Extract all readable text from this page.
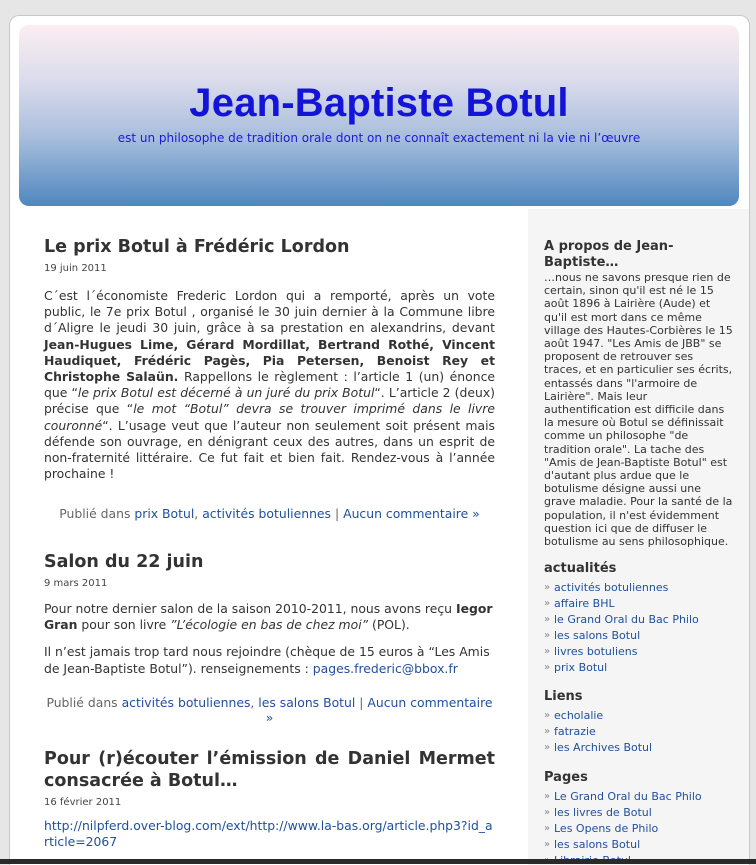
Jean-Baptiste Botul
est un philosophe de tradition orale dont on ne connaît exactement ni la vie ni l’œuvre
Le prix Botul à Frédéric Lordon
19 juin 2011

C´est l´économiste Frederic Lordon qui a remporté, après un vote public, le 7e prix Botul , organisé le 30 juin dernier à la Commune libre d´Aligre le jeudi 30 juin, grâce à sa prestation en alexandrins, devant Jean-Hugues Lime, Gérard Mordillat, Bertrand Rothé, Vincent Haudiquet, Frédéric Pagès, Pia Petersen, Benoist Rey et Christophe Salaün. Rappellons le règlement : l’article 1 (un) énonce que “le prix Botul est décerné à un juré du prix Botul“. L’article 2 (deux) précise que “le mot “Botul” devra se trouver imprimé dans le livre couronné“. L’usage veut que l’auteur non seulement soit présent mais défende son ouvrage, en dénigrant ceux des autres, dans un esprit de non-fraternité littéraire. Ce fut fait et bien fait. Rendez-vous à l’année prochaine !

Publié dans prix Botul, activités botuliennes | Aucun commentaire »
Salon du 22 juin
9 mars 2011

Pour notre dernier salon de la saison 2010-2011, nous avons reçu Iegor Gran pour son livre ”L’écologie en bas de chez moi” (POL).

Il n’est jamais trop tard nous rejoindre (chèque de 15 euros à “Les Amis de Jean-Baptiste Botul”). renseignements : pages.frederic@bbox.fr

Publié dans activités botuliennes, les salons Botul | Aucun commentaire »
Pour (r)écouter l’émission de Daniel Mermet consacrée à Botul…
16 février 2011

http://nilpferd.over-blog.com/ext/http://www.la-bas.org/article.php3?id_article=2067

A propos de Jean-Baptiste…
…nous ne savons presque rien de certain, sinon qu'il est né le 15 août 1896 à Lairière (Aude) et qu'il est mort dans ce même village des Hautes-Corbières le 15 août 1947. "Les Amis de JBB" se proposent de retrouver ses traces, et en particulier ses écrits, entassés dans "l'armoire de Lairière". Mais leur authentification est difficile dans la mesure où Botul se définissait comme un philosophe "de tradition orale". La tache des "Amis de Jean-Baptiste Botul" est d'autant plus ardue que le botulisme désigne aussi une grave maladie. Pour la santé de la population, il n'est évidemment question ici que de diffuser le botulisme au sens philosophique.
actualités
» activités botuliennes
» affaire BHL
» le Grand Oral du Bac Philo
» les salons Botul
» livres botuliens
» prix Botul
Liens
» echolalie
» fatrazie
» les Archives Botul
Pages
» Le Grand Oral du Bac Philo
» les livres de Botul
» Les Opens de Philo
» les salons Botul
